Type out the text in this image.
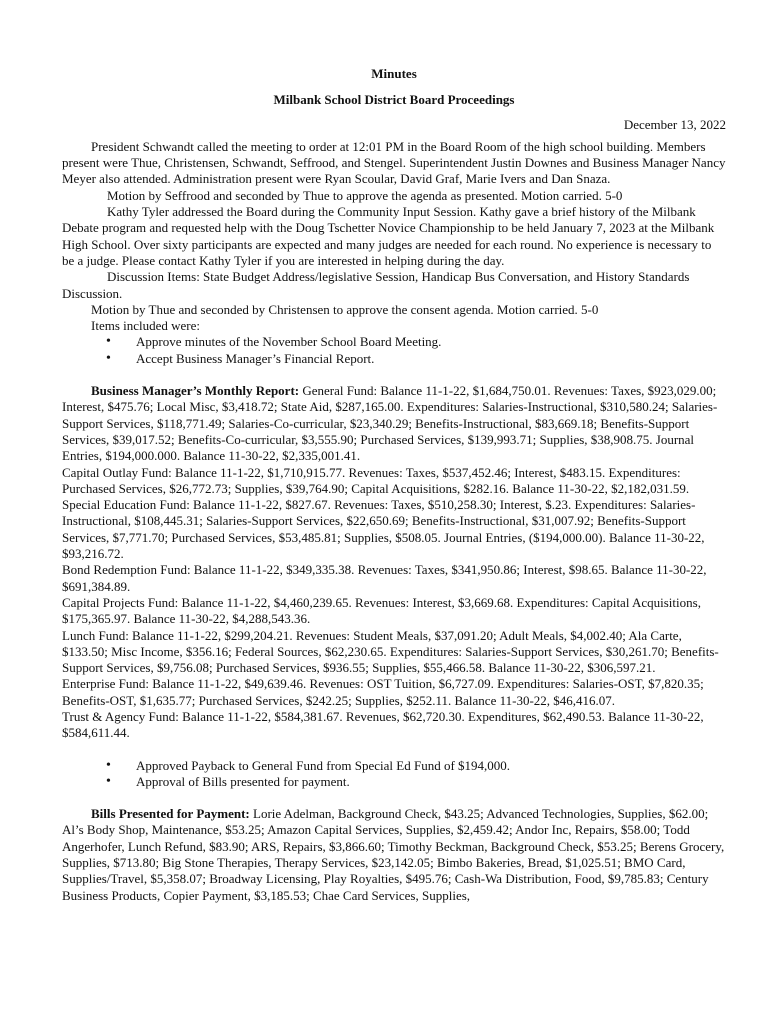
Minutes

Milbank School District Board Proceedings

December 13, 2022

President Schwandt called the meeting to order at 12:01 PM in the Board Room of the high school building. Members present were Thue, Christensen, Schwandt, Seffrood, and Stengel. Superintendent Justin Downes and Business Manager Nancy Meyer also attended. Administration present were Ryan Scoular, David Graf, Marie Ivers and Dan Snaza.

Motion by Seffrood and seconded by Thue to approve the agenda as presented. Motion carried. 5-0

Kathy Tyler addressed the Board during the Community Input Session. Kathy gave a brief history of the Milbank Debate program and requested help with the Doug Tschetter Novice Championship to be held January 7, 2023 at the Milbank High School. Over sixty participants are expected and many judges are needed for each round. No experience is necessary to be a judge. Please contact Kathy Tyler if you are interested in helping during the day.

Discussion Items: State Budget Address/legislative Session, Handicap Bus Conversation, and History Standards Discussion.

Motion by Thue and seconded by Christensen to approve the consent agenda. Motion carried. 5-0

Items included were:

• Approve minutes of the November School Board Meeting.
• Accept Business Manager’s Financial Report.

Business Manager’s Monthly Report: General Fund: Balance 11-1-22, $1,684,750.01. Revenues: Taxes, $923,029.00; Interest, $475.76; Local Misc, $3,418.72; State Aid, $287,165.00. Expenditures: Salaries-Instructional, $310,580.24; Salaries-Support Services, $118,771.49; Salaries-Co-curricular, $23,340.29; Benefits-Instructional, $83,669.18; Benefits-Support Services, $39,017.52; Benefits-Co-curricular, $3,555.90; Purchased Services, $139,993.71; Supplies, $38,908.75. Journal Entries, $194,000.000. Balance 11-30-22, $2,335,001.41.

Capital Outlay Fund: Balance 11-1-22, $1,710,915.77. Revenues: Taxes, $537,452.46; Interest, $483.15. Expenditures: Purchased Services, $26,772.73; Supplies, $39,764.90; Capital Acquisitions, $282.16. Balance 11-30-22, $2,182,031.59.

Special Education Fund: Balance 11-1-22, $827.67. Revenues: Taxes, $510,258.30; Interest, $.23. Expenditures: Salaries-Instructional, $108,445.31; Salaries-Support Services, $22,650.69; Benefits-Instructional, $31,007.92; Benefits-Support Services, $7,771.70; Purchased Services, $53,485.81; Supplies, $508.05. Journal Entries, ($194,000.00). Balance 11-30-22, $93,216.72.

Bond Redemption Fund: Balance 11-1-22, $349,335.38. Revenues: Taxes, $341,950.86; Interest, $98.65. Balance 11-30-22, $691,384.89.

Capital Projects Fund: Balance 11-1-22, $4,460,239.65. Revenues: Interest, $3,669.68. Expenditures: Capital Acquisitions, $175,365.97. Balance 11-30-22, $4,288,543.36.

Lunch Fund: Balance 11-1-22, $299,204.21. Revenues: Student Meals, $37,091.20; Adult Meals, $4,002.40; Ala Carte, $133.50; Misc Income, $356.16; Federal Sources, $62,230.65. Expenditures: Salaries-Support Services, $30,261.70; Benefits-Support Services, $9,756.08; Purchased Services, $936.55; Supplies, $55,466.58. Balance 11-30-22, $306,597.21.

Enterprise Fund: Balance 11-1-22, $49,639.46. Revenues: OST Tuition, $6,727.09. Expenditures: Salaries-OST, $7,820.35; Benefits-OST, $1,635.77; Purchased Services, $242.25; Supplies, $252.11. Balance 11-30-22, $46,416.07.

Trust & Agency Fund: Balance 11-1-22, $584,381.67. Revenues, $62,720.30. Expenditures, $62,490.53. Balance 11-30-22, $584,611.44.

• Approved Payback to General Fund from Special Ed Fund of $194,000.
• Approval of Bills presented for payment.

Bills Presented for Payment: Lorie Adelman, Background Check, $43.25; Advanced Technologies, Supplies, $62.00; Al’s Body Shop, Maintenance, $53.25; Amazon Capital Services, Supplies, $2,459.42; Andor Inc, Repairs, $58.00; Todd Angerhofer, Lunch Refund, $83.90; ARS, Repairs, $3,866.60; Timothy Beckman, Background Check, $53.25; Berens Grocery, Supplies, $713.80; Big Stone Therapies, Therapy Services, $23,142.05; Bimbo Bakeries, Bread, $1,025.51; BMO Card, Supplies/Travel, $5,358.07; Broadway Licensing, Play Royalties, $495.76; Cash-Wa Distribution, Food, $9,785.83; Century Business Products, Copier Payment, $3,185.53; Chae Card Services, Supplies,
